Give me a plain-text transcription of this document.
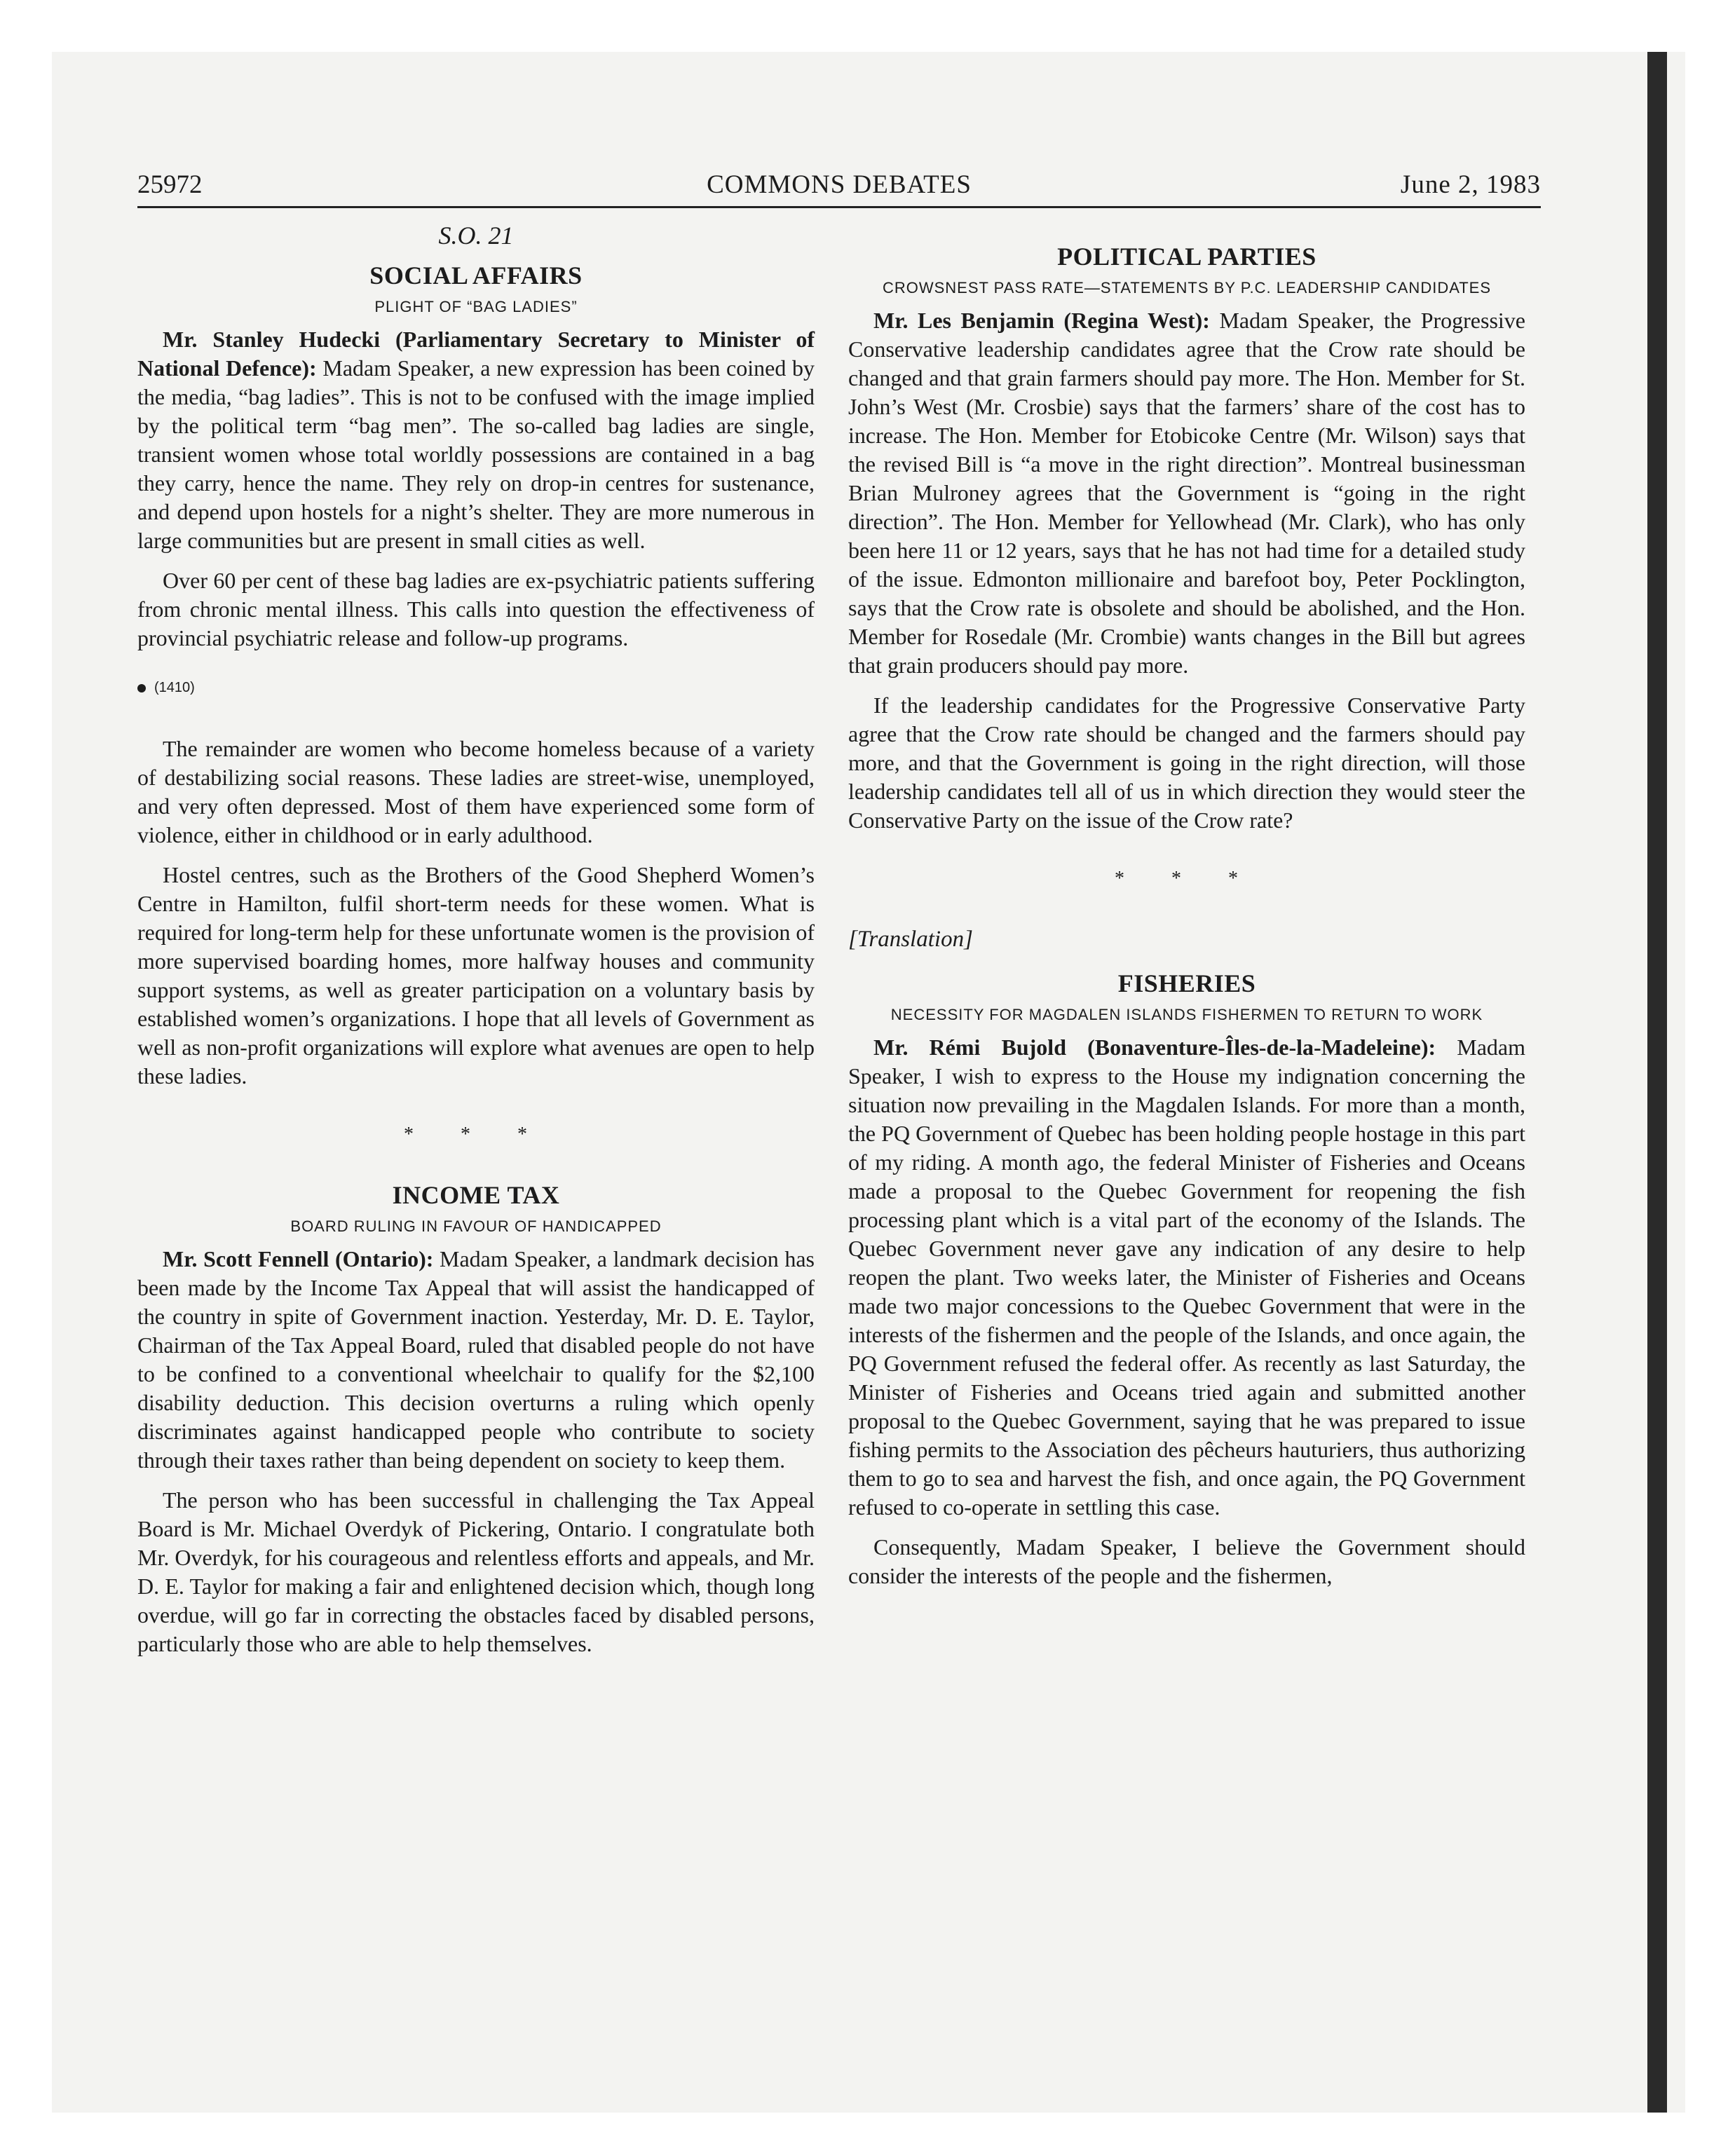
25972	COMMONS DEBATES	June 2, 1983
S.O. 21
SOCIAL AFFAIRS
PLIGHT OF “BAG LADIES”

Mr. Stanley Hudecki (Parliamentary Secretary to Minister of National Defence): Madam Speaker, a new expression has been coined by the media, “bag ladies”. This is not to be confused with the image implied by the political term “bag men”. The so-called bag ladies are single, transient women whose total worldly possessions are contained in a bag they carry, hence the name. They rely on drop-in centres for sustenance, and depend upon hostels for a night’s shelter. They are more numerous in large communities but are present in small cities as well.

Over 60 per cent of these bag ladies are ex-psychiatric patients suffering from chronic mental illness. This calls into question the effectiveness of provincial psychiatric release and follow-up programs.

(1410)

The remainder are women who become homeless because of a variety of destabilizing social reasons. These ladies are street-wise, unemployed, and very often depressed. Most of them have experienced some form of violence, either in childhood or in early adulthood.

Hostel centres, such as the Brothers of the Good Shepherd Women’s Centre in Hamilton, fulfil short-term needs for these women. What is required for long-term help for these unfortunate women is the provision of more supervised boarding homes, more halfway houses and community support systems, as well as greater participation on a voluntary basis by established women’s organizations. I hope that all levels of Government as well as non-profit organizations will explore what avenues are open to help these ladies.

* * *
INCOME TAX
BOARD RULING IN FAVOUR OF HANDICAPPED

Mr. Scott Fennell (Ontario): Madam Speaker, a landmark decision has been made by the Income Tax Appeal that will assist the handicapped of the country in spite of Government inaction. Yesterday, Mr. D. E. Taylor, Chairman of the Tax Appeal Board, ruled that disabled people do not have to be confined to a conventional wheelchair to qualify for the $2,100 disability deduction. This decision overturns a ruling which openly discriminates against handicapped people who contribute to society through their taxes rather than being dependent on society to keep them.

The person who has been successful in challenging the Tax Appeal Board is Mr. Michael Overdyk of Pickering, Ontario. I congratulate both Mr. Overdyk, for his courageous and relentless efforts and appeals, and Mr. D. E. Taylor for making a fair and enlightened decision which, though long overdue, will go far in correcting the obstacles faced by disabled persons, particularly those who are able to help themselves.

POLITICAL PARTIES
CROWSNEST PASS RATE—STATEMENTS BY P.C. LEADERSHIP CANDIDATES

Mr. Les Benjamin (Regina West): Madam Speaker, the Progressive Conservative leadership candidates agree that the Crow rate should be changed and that grain farmers should pay more. The Hon. Member for St. John’s West (Mr. Crosbie) says that the farmers’ share of the cost has to increase. The Hon. Member for Etobicoke Centre (Mr. Wilson) says that the revised Bill is “a move in the right direction”. Montreal businessman Brian Mulroney agrees that the Government is “going in the right direction”. The Hon. Member for Yellowhead (Mr. Clark), who has only been here 11 or 12 years, says that he has not had time for a detailed study of the issue. Edmonton millionaire and barefoot boy, Peter Pocklington, says that the Crow rate is obsolete and should be abolished, and the Hon. Member for Rosedale (Mr. Crombie) wants changes in the Bill but agrees that grain producers should pay more.

If the leadership candidates for the Progressive Conservative Party agree that the Crow rate should be changed and the farmers should pay more, and that the Government is going in the right direction, will those leadership candidates tell all of us in which direction they would steer the Conservative Party on the issue of the Crow rate?

* * *
[Translation]
FISHERIES
NECESSITY FOR MAGDALEN ISLANDS FISHERMEN TO RETURN TO WORK

Mr. Rémi Bujold (Bonaventure-Îles-de-la-Madeleine): Madam Speaker, I wish to express to the House my indignation concerning the situation now prevailing in the Magdalen Islands. For more than a month, the PQ Government of Quebec has been holding people hostage in this part of my riding. A month ago, the federal Minister of Fisheries and Oceans made a proposal to the Quebec Government for reopening the fish processing plant which is a vital part of the economy of the Islands. The Quebec Government never gave any indication of any desire to help reopen the plant. Two weeks later, the Minister of Fisheries and Oceans made two major concessions to the Quebec Government that were in the interests of the fishermen and the people of the Islands, and once again, the PQ Government refused the federal offer. As recently as last Saturday, the Minister of Fisheries and Oceans tried again and submitted another proposal to the Quebec Government, saying that he was prepared to issue fishing permits to the Association des pêcheurs hauturiers, thus authorizing them to go to sea and harvest the fish, and once again, the PQ Government refused to co-operate in settling this case.

Consequently, Madam Speaker, I believe the Government should consider the interests of the people and the fishermen,
